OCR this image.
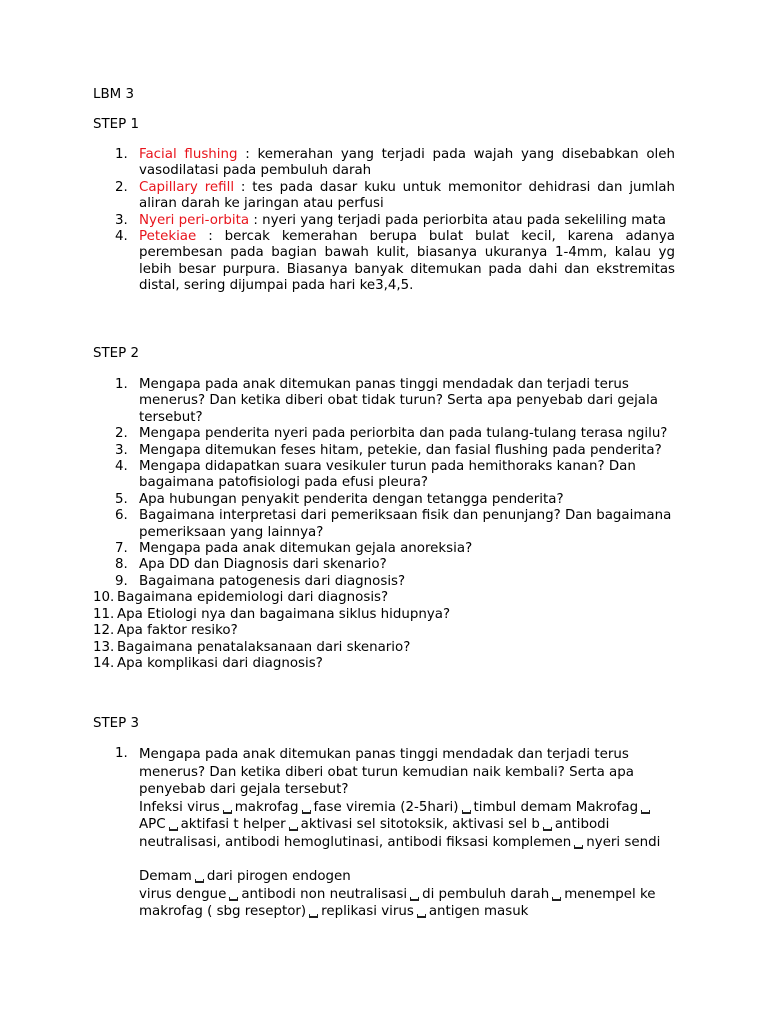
LBM 3

STEP 1

1. Facial flushing : kemerahan yang terjadi pada wajah yang disebabkan oleh vasodilatasi pada pembuluh darah
2. Capillary refill : tes pada dasar kuku untuk memonitor dehidrasi dan jumlah aliran darah ke jaringan atau perfusi
3. Nyeri peri-orbita : nyeri yang terjadi pada periorbita atau pada sekeliling mata
4. Petekiae : bercak kemerahan berupa bulat bulat kecil, karena adanya perembesan pada bagian bawah kulit, biasanya ukuranya 1-4mm, kalau yg lebih besar purpura. Biasanya banyak ditemukan pada dahi dan ekstremitas distal, sering dijumpai pada hari ke3,4,5.

STEP 2

1. Mengapa pada anak ditemukan panas tinggi mendadak dan terjadi terus menerus? Dan ketika diberi obat tidak turun? Serta apa penyebab dari gejala tersebut?
2. Mengapa penderita nyeri pada periorbita dan pada tulang-tulang terasa ngilu?
3. Mengapa ditemukan feses hitam, petekie, dan fasial flushing pada penderita?
4. Mengapa didapatkan suara vesikuler turun pada hemithoraks kanan? Dan bagaimana patofisiologi pada efusi pleura?
5. Apa hubungan penyakit penderita dengan tetangga penderita?
6. Bagaimana interpretasi dari pemeriksaan fisik dan penunjang? Dan bagaimana pemeriksaan yang lainnya?
7. Mengapa pada anak ditemukan gejala anoreksia?
8. Apa DD dan Diagnosis dari skenario?
9. Bagaimana patogenesis dari diagnosis?
10. Bagaimana epidemiologi dari diagnosis?
11. Apa Etiologi nya dan bagaimana siklus hidupnya?
12. Apa faktor resiko?
13. Bagaimana penatalaksanaan dari skenario?
14. Apa komplikasi dari diagnosis?

STEP 3

1. Mengapa pada anak ditemukan panas tinggi mendadak dan terjadi terus menerus? Dan ketika diberi obat turun kemudian naik kembali? Serta apa penyebab dari gejala tersebut?
Infeksi virus makrofag fase viremia (2-5hari) timbul demam MakrofagAPC aktifasi t helper aktivasi sel sitotoksik, aktivasi sel b antibodi neutralisasi, antibodi hemoglutinasi, antibodi fiksasi komplemen nyeri sendi
Demam dari pirogen endogen
virus dengue antibodi non neutralisasi di pembuluh darah menempel ke makrofag ( sbg reseptor) replikasi virus antigen masuk
